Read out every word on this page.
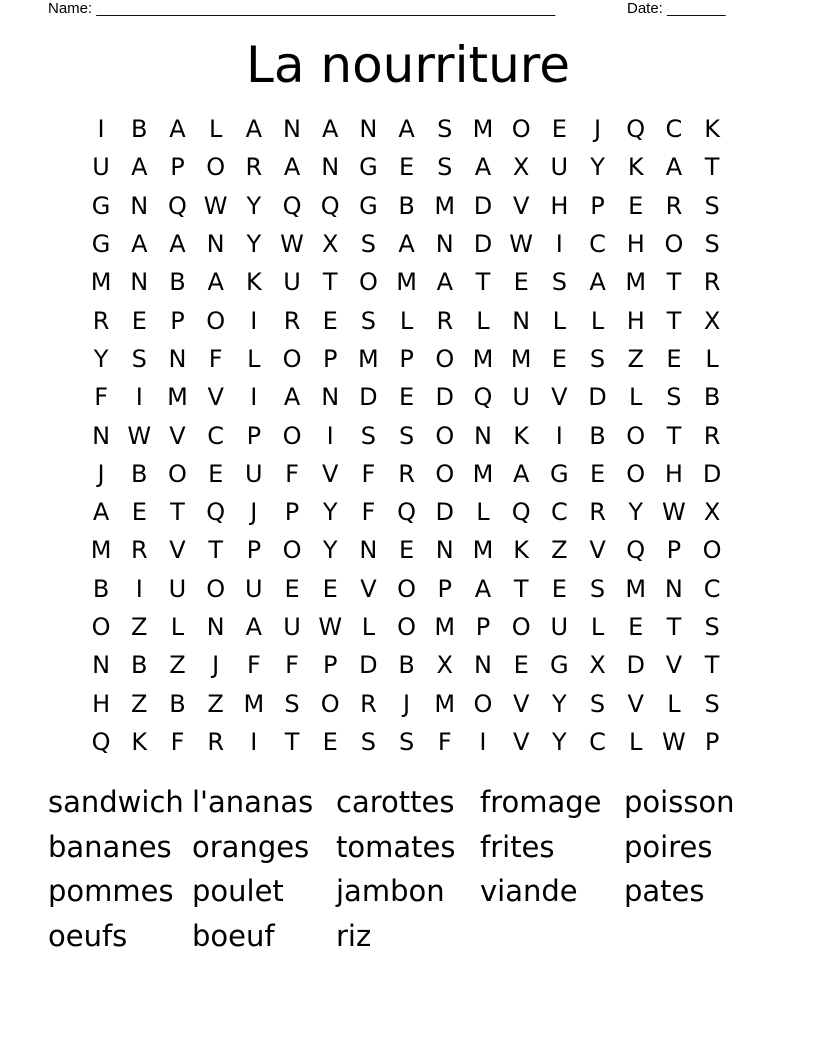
Name: _______________________________________________________	Date: _______
La nourriture
I	B A L A N A N A S M O E	J	Q C K
U A P O R A N G E S A X U Y K A T
G N Q W Y Q Q G B M D V H P E R S
G A A N Y W X S A N D W I	C H O S
M N B A K U T O M A T E S A M T R
R E P O	I	R E S L R L N L	L H T X
Y S N F	L O P M P O M M E S Z E L
F	I	M V	I	A N D E D Q U V D L S B
N W V C P O	I	S S O N K	I	B O T R
J	B O E U F V F R O M A G E O H D
A E T Q	J	P Y F Q D L Q C R Y W X
M R V T P O Y N E N M K Z V Q P O
B	I	U O U E E V O P A T E S M N C
O Z L N A U W L O M P O U L E T S
N B Z	J	F	F	P D B X N E G X D V T
H Z B Z M S O R	J	M O V Y S V L S
Q K F R	I	T E S S F	I	V Y C L W P
sandwich l'ananas carottes fromage poisson
bananes oranges tomates frites	poires
pommes poulet	jambon	viande	pates
oeufs	boeuf	riz
